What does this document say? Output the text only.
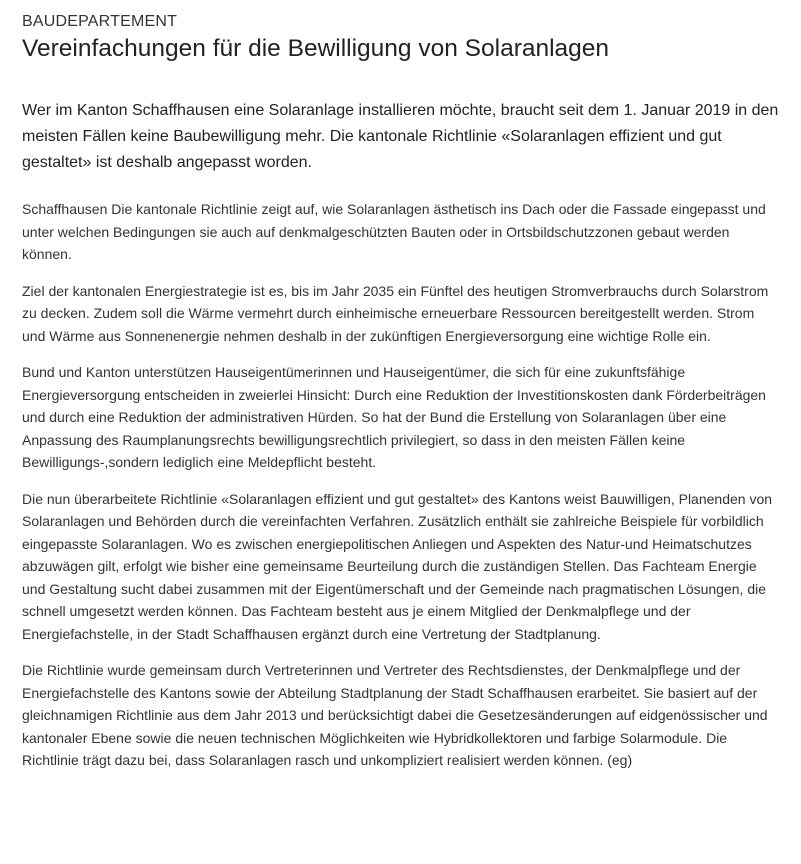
BAUDEPARTEMENT
Vereinfachungen für die Bewilligung von Solaranlagen

Wer im Kanton Schaffhausen eine Solaranlage installieren möchte, braucht seit dem 1. Januar 2019 in den meisten Fällen keine Baubewilligung mehr. Die kantonale Richtlinie «Solaranlagen effizient und gut gestaltet» ist deshalb angepasst worden.

Schaffhausen Die kantonale Richtlinie zeigt auf, wie Solaranlagen ästhetisch ins Dach oder die Fassade eingepasst und unter welchen Bedingungen sie auch auf denkmalgeschützten Bauten oder in Ortsbildschutzzonen gebaut werden können.

Ziel der kantonalen Energiestrategie ist es, bis im Jahr 2035 ein Fünftel des heutigen Stromverbrauchs durch Solarstrom zu decken. Zudem soll die Wärme vermehrt durch einheimische erneuerbare Ressourcen bereitgestellt werden. Strom und Wärme aus Sonnenenergie nehmen deshalb in der zukünftigen Energieversorgung eine wichtige Rolle ein.

Bund und Kanton unterstützen Hauseigentümerinnen und Hauseigentümer, die sich für eine zukunftsfähige Energieversorgung entscheiden in zweierlei Hinsicht: Durch eine Reduktion der Investitionskosten dank Förderbeiträgen und durch eine Reduktion der administrativen Hürden. So hat der Bund die Erstellung von Solaranlagen über eine Anpassung des Raumplanungsrechts bewilligungsrechtlich privilegiert, so dass in den meisten Fällen keine Bewilligungs-,sondern lediglich eine Meldepflicht besteht.

Die nun überarbeitete Richtlinie «Solaranlagen effizient und gut gestaltet» des Kantons weist Bauwilligen, Planenden von Solaranlagen und Behörden durch die vereinfachten Verfahren. Zusätzlich enthält sie zahlreiche Beispiele für vorbildlich eingepasste Solaranlagen. Wo es zwischen energiepolitischen Anliegen und Aspekten des Natur-und Heimatschutzes abzuwägen gilt, erfolgt wie bisher eine gemeinsame Beurteilung durch die zuständigen Stellen. Das Fachteam Energie und Gestaltung sucht dabei zusammen mit der Eigentümerschaft und der Gemeinde nach pragmatischen Lösungen, die schnell umgesetzt werden können. Das Fachteam besteht aus je einem Mitglied der Denkmalpflege und der Energiefachstelle, in der Stadt Schaffhausen ergänzt durch eine Vertretung der Stadtplanung.

Die Richtlinie wurde gemeinsam durch Vertreterinnen und Vertreter des Rechtsdienstes, der Denkmalpflege und der Energiefachstelle des Kantons sowie der Abteilung Stadtplanung der Stadt Schaffhausen erarbeitet. Sie basiert auf der gleichnamigen Richtlinie aus dem Jahr 2013 und berücksichtigt dabei die Gesetzesänderungen auf eidgenössischer und kantonaler Ebene sowie die neuen technischen Möglichkeiten wie Hybridkollektoren und farbige Solarmodule. Die Richtlinie trägt dazu bei, dass Solaranlagen rasch und unkompliziert realisiert werden können. (eg)
